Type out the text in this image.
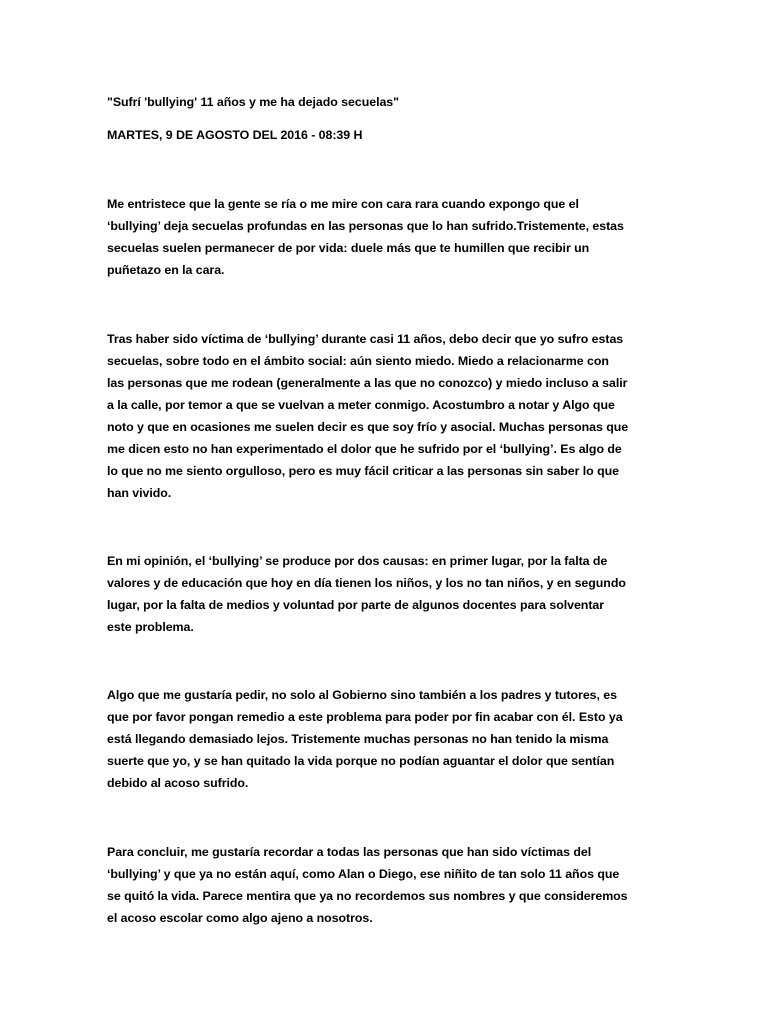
"Sufrí 'bullying' 11 años y me ha dejado secuelas"

MARTES, 9 DE AGOSTO DEL 2016 - 08:39 H

Me entristece que la gente se ría o me mire con cara rara cuando expongo que el

‘bullying’ deja secuelas profundas en las personas que lo han sufrido.Tristemente, estas

secuelas suelen permanecer de por vida: duele más que te humillen que recibir un

puñetazo en la cara.

Tras haber sido víctima de ‘bullying’ durante casi 11 años, debo decir que yo sufro estas

secuelas, sobre todo en el ámbito social: aún siento miedo. Miedo a relacionarme con

las personas que me rodean (generalmente a las que no conozco) y miedo incluso a salir

a la calle, por temor a que se vuelvan a meter conmigo. Acostumbro a notar y Algo que

noto y que en ocasiones me suelen decir es que soy frío y asocial. Muchas personas que

me dicen esto no han experimentado el dolor que he sufrido por el ‘bullying’. Es algo de

lo que no me siento orgulloso, pero es muy fácil criticar a las personas sin saber lo que

han vivido.

En mi opinión, el ‘bullying’ se produce por dos causas: en primer lugar, por la falta de

valores y de educación que hoy en día tienen los niños, y los no tan niños, y en segundo

lugar, por la falta de medios y voluntad por parte de algunos docentes para solventar

este problema.

Algo que me gustaría pedir, no solo al Gobierno sino también a los padres y tutores, es

que por favor pongan remedio a este problema para poder por fin acabar con él. Esto ya

está llegando demasiado lejos. Tristemente muchas personas no han tenido la misma

suerte que yo, y se han quitado la vida porque no podían aguantar el dolor que sentían

debido al acoso sufrido.

Para concluir, me gustaría recordar a todas las personas que han sido víctimas del

‘bullying’ y que ya no están aquí, como Alan o Diego, ese niñito de tan solo 11 años que

se quitó la vida. Parece mentira que ya no recordemos sus nombres y que consideremos

el acoso escolar como algo ajeno a nosotros.
